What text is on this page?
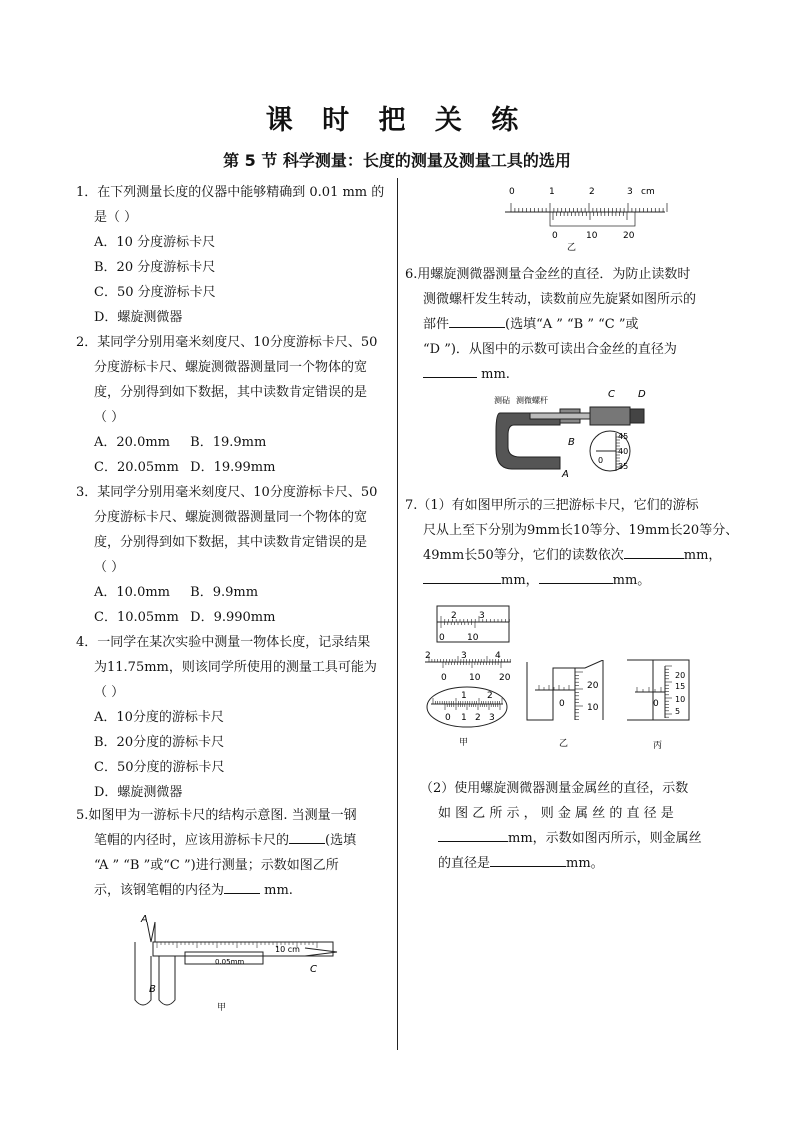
课 时 把 关 练
第 5 节 科学测量：长度的测量及测量工具的选用
1．在下列测量长度的仪器中能够精确到 0.01 mm 的
是（ ）
A．10 分度游标卡尺
B．20 分度游标卡尺
C．50 分度游标卡尺
D．螺旋测微器
2．某同学分别用毫米刻度尺、10分度游标卡尺、50
分度游标卡尺、螺旋测微器测量同一个物体的宽
度，分别得到如下数据，其中读数肯定错误的是
（ ）
A．20.0mm B．19.9mm
C．20.05mm D．19.99mm
3．某同学分别用毫米刻度尺、10分度游标卡尺、50
分度游标卡尺、螺旋测微器测量同一个物体的宽
度，分别得到如下数据，其中读数肯定错误的是
（ ）
A．10.0mm B．9.9mm
C．10.05mm D．9.990mm
4．一同学在某次实验中测量一物体长度，记录结果
为11.75mm，则该同学所使用的测量工具可能为
（ ）
A．10分度的游标卡尺
B．20分度的游标卡尺
C．50分度的游标卡尺
D．螺旋测微器
5.如图甲为一游标卡尺的结构示意图. 当测量一钢
笔帽的内径时，应该用游标卡尺的	(选填
“A ” “B ”或“C ”)进行测量；示数如图乙所
示，该钢笔帽的内径为	mm.
0.05mm
10 cm
A
B
C
甲
0	1	2	3 cm
0	10	20
乙
6.用螺旋测微器测量合金丝的直径．为防止读数时
测微螺杆发生转动，读数前应先旋紧如图所示的
部件	(选填“A ” “B ” “C ”或
“D ”)．从图中的示数可读出合金丝的直径为
mm.
测砧 测微螺杆
C D
B
A
0
45
40
35
7.（1）有如图甲所示的三把游标卡尺，它们的游标
尺从上至下分别为9mm长10等分、19mm长20等分、
49mm长50等分，它们的读数依次	mm，
mm，	mm。
2 3
0 10
2	3	4
0 10 20
1 2
0 1 2 3
甲
0
20
10
乙
0
20
15
10
5
丙
（2）使用螺旋测微器测量金属丝的直径，示数
如 图 乙 所 示 ， 则 金 属 丝 的 直 径 是
mm，示数如图丙所示，则金属丝
的直径是	mm。
